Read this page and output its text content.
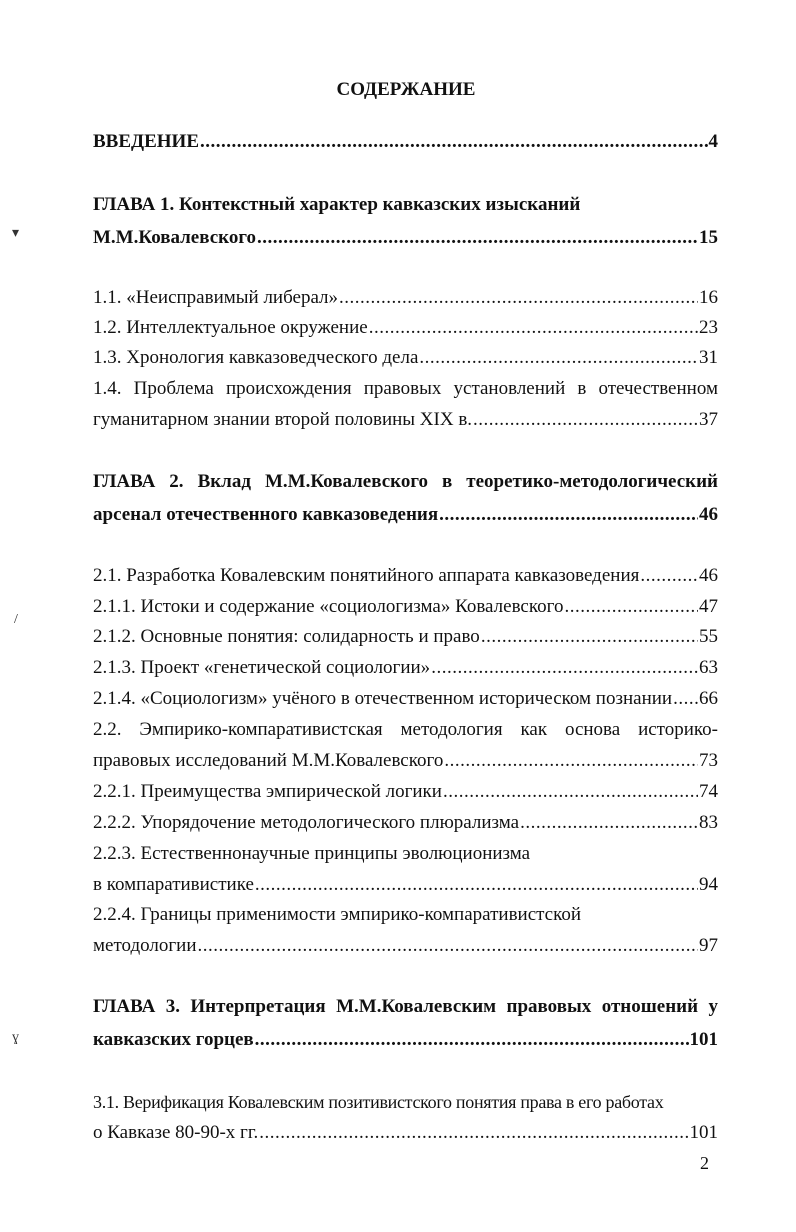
СОДЕРЖАНИЕ
ВВЕДЕНИЕ .....	4
ГЛАВА 1. Контекстный характер кавказских изысканий
М.М.Ковалевского .....	15
1.1. «Неисправимый либерал» .....	16
1.2. Интеллектуальное окружение .....	23
1.3. Хронология кавказоведческого дела .....	31
1.4. Проблема происхождения правовых установлений в отечественном
гуманитарном знании второй половины XIX в. .....	37
ГЛАВА 2. Вклад М.М.Ковалевского в теоретико-методологический
арсенал отечественного кавказоведения .....	46
2.1. Разработка Ковалевским понятийного аппарата кавказоведения .....	46
2.1.1. Истоки и содержание «социологизма» Ковалевского .....	47
2.1.2. Основные понятия: солидарность и право .....	55
2.1.3. Проект «генетической социологии» .....	63
2.1.4. «Социологизм» учёного в отечественном историческом познании ..... 66
2.2. Эмпирико-компаративистская методология как основа историко-
правовых исследований М.М.Ковалевского .....	73
2.2.1. Преимущества эмпирической логики .....	74
2.2.2. Упорядочение методологического плюрализма .....	83
2.2.3. Естественнонаучные принципы эволюционизма
в компаративистике .....	94
2.2.4. Границы применимости эмпирико-компаративистской
методологии .....	97
ГЛАВА 3. Интерпретация М.М.Ковалевским правовых отношений у
кавказских горцев .....	101
3.1. Верификация Ковалевским позитивистского понятия права в его работах
о Кавказе 80-90-х гг. .....	101
2
▾
/
ɣ
